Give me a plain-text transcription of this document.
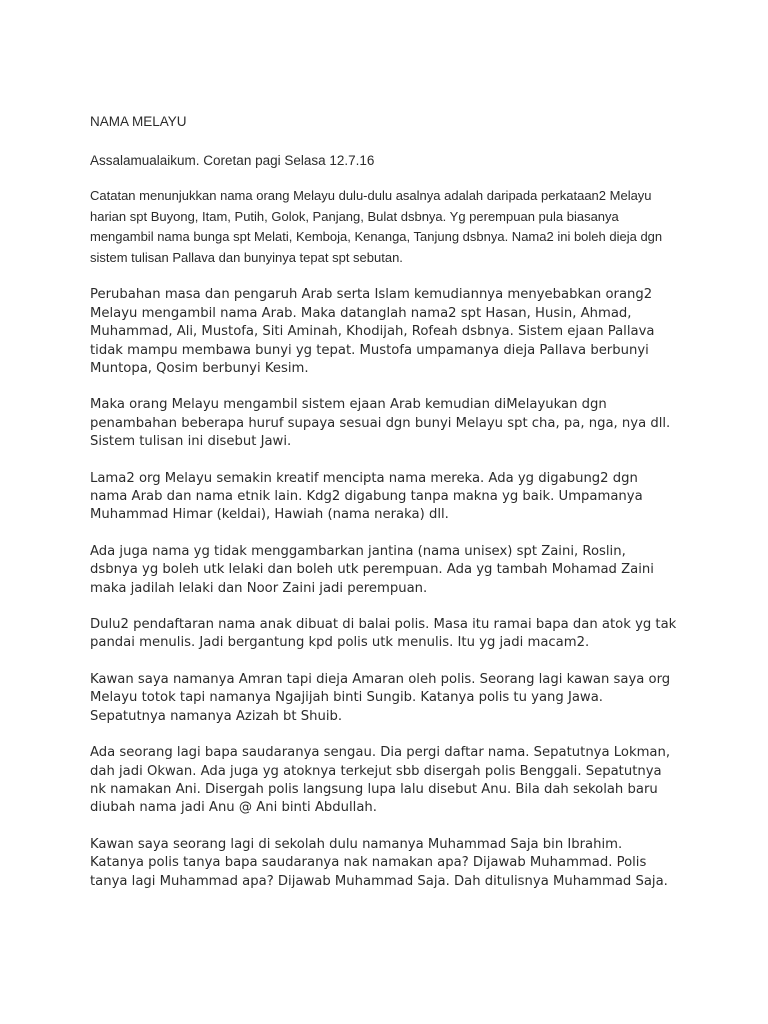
NAMA MELAYU
Assalamualaikum. Coretan pagi Selasa 12.7.16
Catatan menunjukkan nama orang Melayu dulu-dulu asalnya adalah daripada perkataan2 Melayu
harian spt Buyong, Itam, Putih, Golok, Panjang, Bulat dsbnya. Yg perempuan pula biasanya
mengambil nama bunga spt Melati, Kemboja, Kenanga, Tanjung dsbnya. Nama2 ini boleh dieja dgn
sistem tulisan Pallava dan bunyinya tepat spt sebutan.
Perubahan masa dan pengaruh Arab serta Islam kemudiannya menyebabkan orang2
Melayu mengambil nama Arab. Maka datanglah nama2 spt Hasan, Husin, Ahmad,
Muhammad, Ali, Mustofa, Siti Aminah, Khodijah, Rofeah dsbnya. Sistem ejaan Pallava
tidak mampu membawa bunyi yg tepat. Mustofa umpamanya dieja Pallava berbunyi
Muntopa, Qosim berbunyi Kesim.
Maka orang Melayu mengambil sistem ejaan Arab kemudian diMelayukan dgn
penambahan beberapa huruf supaya sesuai dgn bunyi Melayu spt cha, pa, nga, nya dll.
Sistem tulisan ini disebut Jawi.
Lama2 org Melayu semakin kreatif mencipta nama mereka. Ada yg digabung2 dgn
nama Arab dan nama etnik lain. Kdg2 digabung tanpa makna yg baik. Umpamanya
Muhammad Himar (keldai), Hawiah (nama neraka) dll.
Ada juga nama yg tidak menggambarkan jantina (nama unisex) spt Zaini, Roslin,
dsbnya yg boleh utk lelaki dan boleh utk perempuan. Ada yg tambah Mohamad Zaini
maka jadilah lelaki dan Noor Zaini jadi perempuan.
Dulu2 pendaftaran nama anak dibuat di balai polis. Masa itu ramai bapa dan atok yg tak
pandai menulis. Jadi bergantung kpd polis utk menulis. Itu yg jadi macam2.
Kawan saya namanya Amran tapi dieja Amaran oleh polis. Seorang lagi kawan saya org
Melayu totok tapi namanya Ngajijah binti Sungib. Katanya polis tu yang Jawa.
Sepatutnya namanya Azizah bt Shuib.
Ada seorang lagi bapa saudaranya sengau. Dia pergi daftar nama. Sepatutnya Lokman,
dah jadi Okwan. Ada juga yg atoknya terkejut sbb disergah polis Benggali. Sepatutnya
nk namakan Ani. Disergah polis langsung lupa lalu disebut Anu. Bila dah sekolah baru
diubah nama jadi Anu @ Ani binti Abdullah.
Kawan saya seorang lagi di sekolah dulu namanya Muhammad Saja bin Ibrahim.
Katanya polis tanya bapa saudaranya nak namakan apa? Dijawab Muhammad. Polis
tanya lagi Muhammad apa? Dijawab Muhammad Saja. Dah ditulisnya Muhammad Saja.
